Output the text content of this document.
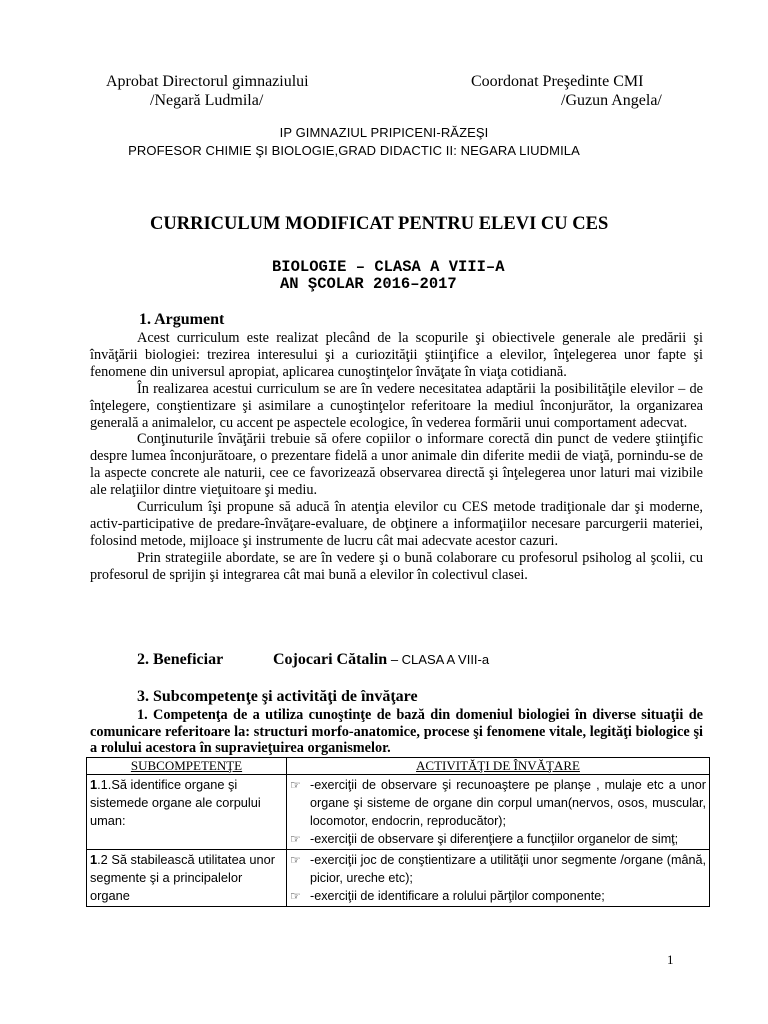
Aprobat Directorul gimnaziului
/Negară Ludmila/
Coordonat Preşedinte CMI
/Guzun Angela/
IP GIMNAZIUL PRIPICENI-RĂZEŞI
PROFESOR CHIMIE ŞI BIOLOGIE,GRAD DIDACTIC II: NEGARA LIUDMILA
CURRICULUM MODIFICAT PENTRU ELEVI CU CES
BIOLOGIE – CLASA A VIII–A
AN ŞCOLAR 2016–2017
1. Argument

Acest curriculum este realizat plecând de la scopurile şi obiectivele generale ale predării şi învăţării biologiei: trezirea interesului şi a curiozităţii ştiinţifice a elevilor, înţelegerea unor fapte şi fenomene din universul apropiat, aplicarea cunoştinţelor învăţate în viaţa cotidiană.

În realizarea acestui curriculum se are în vedere necesitatea adaptării la posibilităţile elevilor – de înţelegere, conştientizare şi asimilare a cunoştinţelor referitoare la mediul înconjurător, la organizarea generală a animalelor, cu accent pe aspectele ecologice, în vederea formării unui comportament adecvat.

Conţinuturile învăţării trebuie să ofere copiilor o informare corectă din punct de vedere ştiinţific despre lumea înconjurătoare, o prezentare fidelă a unor animale din diferite medii de viaţă, pornindu-se de la aspecte concrete ale naturii, cee ce favorizează observarea directă şi înţelegerea unor laturi mai vizibile ale relaţiilor dintre vieţuitoare şi mediu.

Curriculum îşi propune să aducă în atenţia elevilor cu CES metode tradiţionale dar şi moderne, activ-participative de predare-învăţare-evaluare, de obţinere a informaţiilor necesare parcurgerii materiei, folosind metode, mijloace şi instrumente de lucru cât mai adecvate acestor cazuri.

Prin strategiile abordate, se are în vedere şi o bună colaborare cu profesorul psiholog al şcolii, cu profesorul de sprijin şi integrarea cât mai bună a elevilor în colectivul clasei.

2. Beneficiar	Cojocari Cătalin – CLASA A VIII-a
3. Subcompetenţe şi activităţi de învăţare
1. Competenţa de a utiliza cunoştinţe de bază din domeniul biologiei în diverse situaţii de comunicare referitoare la: structuri morfo-anatomice, procese şi fenomene vitale, legităţi biologice şi a rolului acestora în supravieţuirea organismelor.
SUBCOMPETENŢE	ACTIVITĂŢI DE ÎNVĂŢARE
1.1.Să identifice organe şi sistemede organe ale corpului uman:	☞ -exerciţii de observare şi recunoaştere pe planşe , mulaje etc a unor organe şi sisteme de organe din corpul uman(nervos, osos, muscular, locomotor, endocrin, reproducător);
☞ -exerciţii de observare şi diferenţiere a funcţiilor organelor de simţ;

1.2 Să stabilească utilitatea unor segmente şi a principalelor organe	☞ -exerciţii joc de conştientizare a utilităţii unor segmente /organe (mână, picior, ureche etc);
☞ -exerciţii de identificare a rolului părţilor componente;
1
